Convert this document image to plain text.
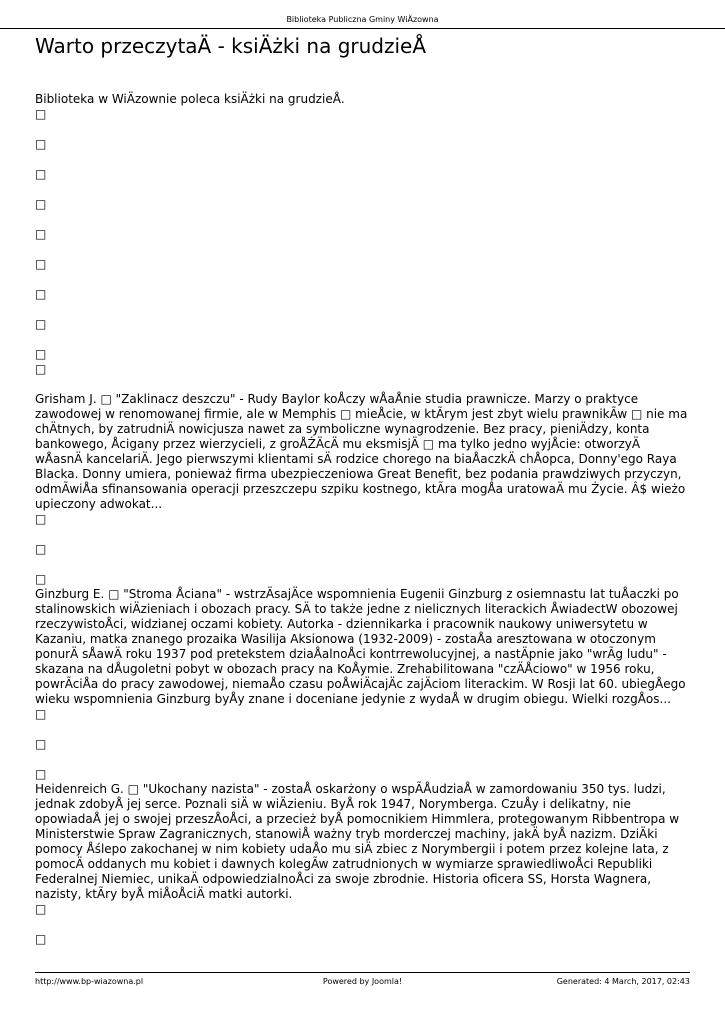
Biblioteka Publiczna Gminy WiÄzowna
Warto przeczytaÄ - ksiÄżki na grudzieÅ

Biblioteka w WiÄzownie poleca ksiÄżki na grudzieÅ.

□
□
□
□
□
□
□
□
□
□

Grisham J. □ "Zaklinacz deszczu" - Rudy Baylor koÅczy wÅaÅnie studia prawnicze. Marzy o praktyce zawodowej w renomowanej firmie, ale w Memphis □ mieÅcie, w ktÃrym jest zbyt wielu prawnikÃw □ nie ma chÄtnych, by zatrudniÄ nowicjusza nawet za symboliczne wynagrodzenie. Bez pracy, pieniÄdzy, konta bankowego, Åcigany przez wierzycieli, z groÅŹÄcÄ mu eksmisjÄ □ ma tylko jedno wyjÅcie: otworzyÄ wÅasnÄ kancelariÄ. Jego pierwszymi klientami sÄ rodzice chorego na biaÅaczkÄ chÅopca, Donny'ego Raya Blacka. Donny umiera, ponieważ firma ubezpieczeniowa Great Benefit, bez podania prawdziwych przyczyn, odmÃwiÅa sfinansowania operacji przeszczepu szpiku kostnego, ktÃra mogÅa uratowaÄ mu Życie. Â$ wieżo upieczony adwokat...

□
□
□

Ginzburg E. □ "Stroma Åciana" - wstrzÄsajÄce wspomnienia Eugenii Ginzburg z osiemnastu lat tuÅaczki po stalinowskich wiÄzieniach i obozach pracy. SÄ to także jedne z nielicznych literackich ÅwiadectW obozowej rzeczywistoÅci, widzianej oczami kobiety. Autorka - dziennikarka i pracownik naukowy uniwersytetu w Kazaniu, matka znanego prozaika Wasilija Aksionowa (1932-2009) - zostaÅa aresztowana w otoczonym ponurÄ sÅawÄ roku 1937 pod pretekstem dziaÅalnoÅci kontrrewolucyjnej, a nastÄpnie jako "wrÃg ludu" - skazana na dÅugoletni pobyt w obozach pracy na KoÅymie. Zrehabilitowana "czÄÅciowo" w 1956 roku, powrÃciÅa do pracy zawodowej, niemaÅo czasu poÅwiÄcajÄc zajÄciom literackim. W Rosji lat 60. ubiegÅego wieku wspomnienia Ginzburg byÅy znane i doceniane jedynie z wydaÅ w drugim obiegu. Wielki rozgÅos...

□
□
□

Heidenreich G. □ "Ukochany nazista" - zostaÅ oskarżony o wspÃÅudziaÅ w zamordowaniu 350 tys. ludzi, jednak zdobyÅ jej serce. Poznali siÄ w wiÄzieniu. ByÅ rok 1947, Norymberga. CzuÅy i delikatny, nie opowiadaÅ jej o swojej przeszÅoÅci, a przecież byÅ pomocnikiem Himmlera, protegowanym Ribbentropa w Ministerstwie Spraw Zagranicznych, stanowiÅ ważny tryb morderczej machiny, jakÄ byÅ nazizm. DziÄki pomocy Åślepo zakochanej w nim kobiety udaÅo mu siÄ zbiec z Norymbergii i potem przez kolejne lata, z pomocÄ oddanych mu kobiet i dawnych kolegÃw zatrudnionych w wymiarze sprawiedliwoÅci Republiki Federalnej Niemiec, unikaÄ odpowiedzialnoÅci za swoje zbrodnie. Historia oficera SS, Horsta Wagnera, nazisty, ktÃry byÅ miÅoÅciÄ matki autorki.

□
□
http://www.bp-wiazowna.pl	Powered by Joomla!	Generated: 4 March, 2017, 02:43
